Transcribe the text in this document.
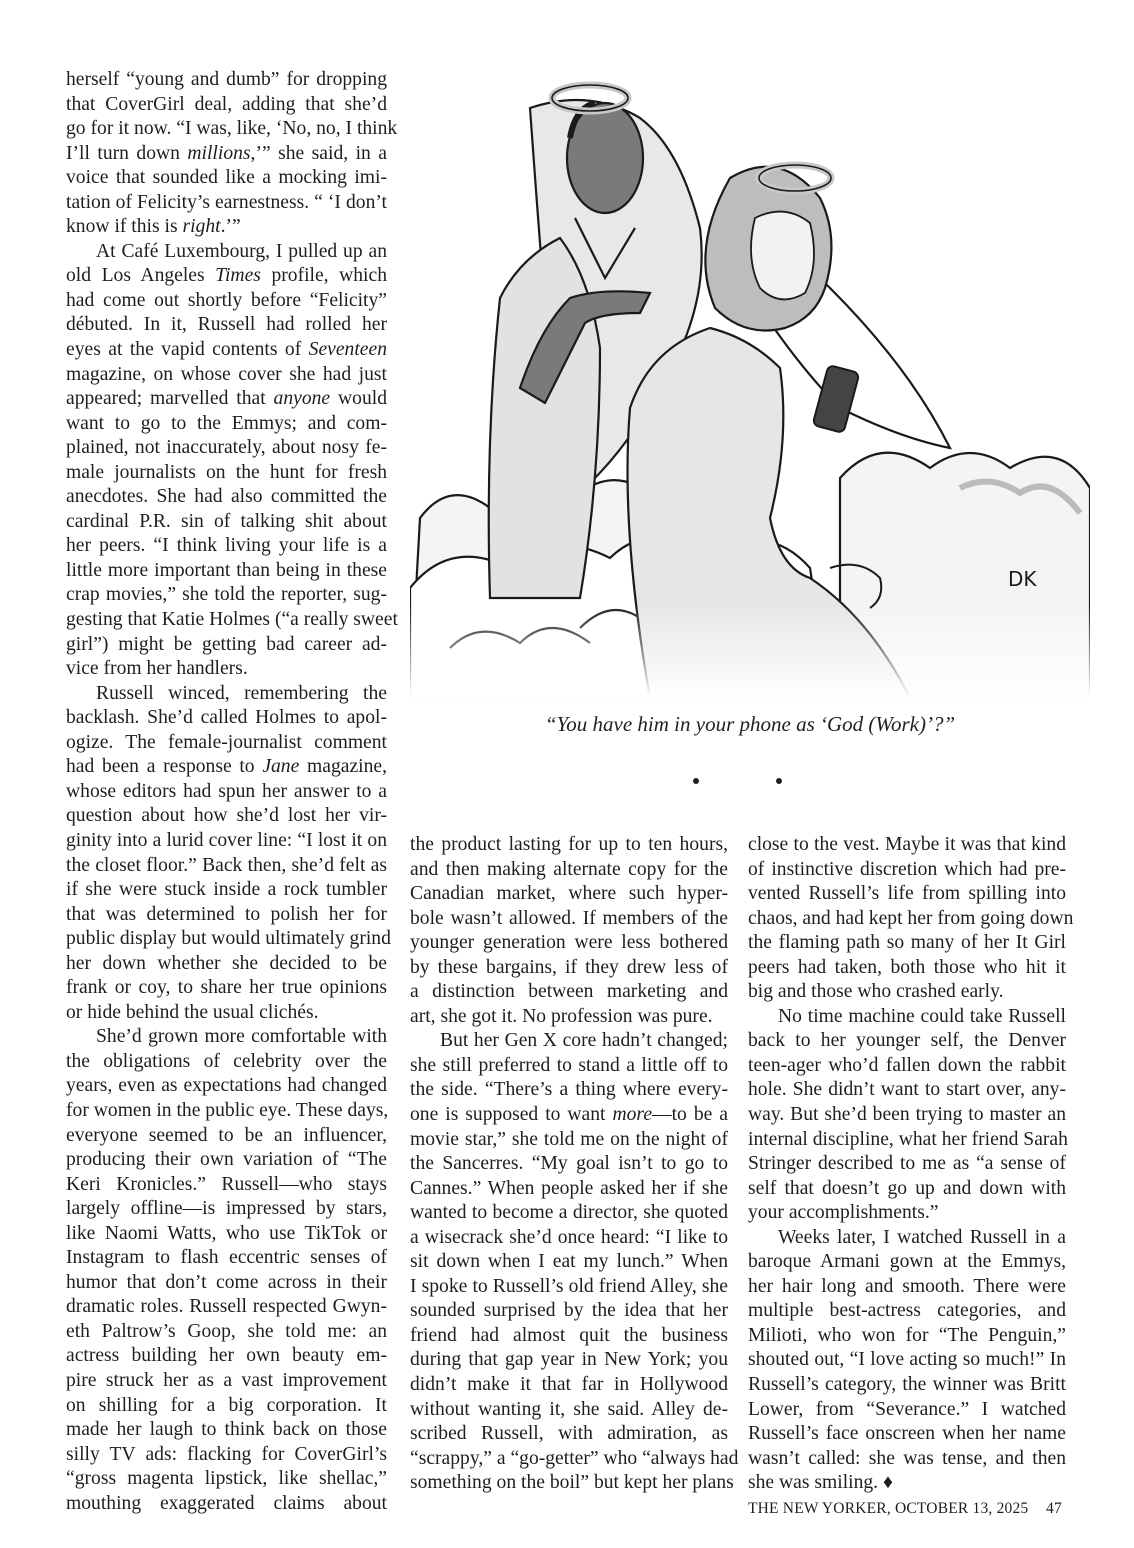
herself “young and dumb” for dropping
that CoverGirl deal, adding that she’d
go for it now. “I was, like, ‘No, no, I think
I’ll turn down millions,’” she said, in a
voice that sounded like a mocking imi-
tation of Felicity’s earnestness. “ ‘I don’t
know if this is right.’”

At Café Luxembourg, I pulled up an
old Los Angeles Times profile, which
had come out shortly before “Felicity”
débuted. In it, Russell had rolled her
eyes at the vapid contents of Seventeen
magazine, on whose cover she had just
appeared; marvelled that anyone would
want to go to the Emmys; and com-
plained, not inaccurately, about nosy fe-
male journalists on the hunt for fresh
anecdotes. She had also committed the
cardinal P.R. sin of talking shit about
her peers. “I think living your life is a
little more important than being in these
crap movies,” she told the reporter, sug-
gesting that Katie Holmes (“a really sweet
girl”) might be getting bad career ad-
vice from her handlers.

Russell winced, remembering the
backlash. She’d called Holmes to apol-
ogize. The female-journalist comment
had been a response to Jane magazine,
whose editors had spun her answer to a
question about how she’d lost her vir-
ginity into a lurid cover line: “I lost it on
the closet floor.” Back then, she’d felt as
if she were stuck inside a rock tumbler
that was determined to polish her for
public display but would ultimately grind
her down whether she decided to be
frank or coy, to share her true opinions
or hide behind the usual clichés.

She’d grown more comfortable with
the obligations of celebrity over the
years, even as expectations had changed
for women in the public eye. These days,
everyone seemed to be an influencer,
producing their own variation of “The
Keri Kronicles.” Russell—who stays
largely offline—is impressed by stars,
like Naomi Watts, who use TikTok or
Instagram to flash eccentric senses of
humor that don’t come across in their
dramatic roles. Russell respected Gwyn-
eth Paltrow’s Goop, she told me: an
actress building her own beauty em-
pire struck her as a vast improvement
on shilling for a big corporation. It
made her laugh to think back on those
silly TV ads: flacking for CoverGirl’s
“gross magenta lipstick, like shellac,”
mouthing exaggerated claims about

“You have him in your phone as ‘God (Work)’?”

the product lasting for up to ten hours,
and then making alternate copy for the
Canadian market, where such hyper-
bole wasn’t allowed. If members of the
younger generation were less bothered
by these bargains, if they drew less of
a distinction between marketing and
art, she got it. No profession was pure.

But her Gen X core hadn’t changed;
she still preferred to stand a little off to
the side. “There’s a thing where every-
one is supposed to want more—to be a
movie star,” she told me on the night of
the Sancerres. “My goal isn’t to go to
Cannes.” When people asked her if she
wanted to become a director, she quoted
a wisecrack she’d once heard: “I like to
sit down when I eat my lunch.” When
I spoke to Russell’s old friend Alley, she
sounded surprised by the idea that her
friend had almost quit the business
during that gap year in New York; you
didn’t make it that far in Hollywood
without wanting it, she said. Alley de-
scribed Russell, with admiration, as
“scrappy,” a “go-getter” who “always had
something on the boil” but kept her plans

close to the vest. Maybe it was that kind
of instinctive discretion which had pre-
vented Russell’s life from spilling into
chaos, and had kept her from going down
the flaming path so many of her It Girl
peers had taken, both those who hit it
big and those who crashed early.

No time machine could take Russell
back to her younger self, the Denver
teen-ager who’d fallen down the rabbit
hole. She didn’t want to start over, any-
way. But she’d been trying to master an
internal discipline, what her friend Sarah
Stringer described to me as “a sense of
self that doesn’t go up and down with
your accomplishments.”

Weeks later, I watched Russell in a
baroque Armani gown at the Emmys,
her hair long and smooth. There were
multiple best-actress categories, and
Milioti, who won for “The Penguin,”
shouted out, “I love acting so much!” In
Russell’s category, the winner was Britt
Lower, from “Severance.” I watched
Russell’s face onscreen when her name
wasn’t called: she was tense, and then
she was smiling. ♦

THE NEW YORKER, OCTOBER 13, 2025 47
